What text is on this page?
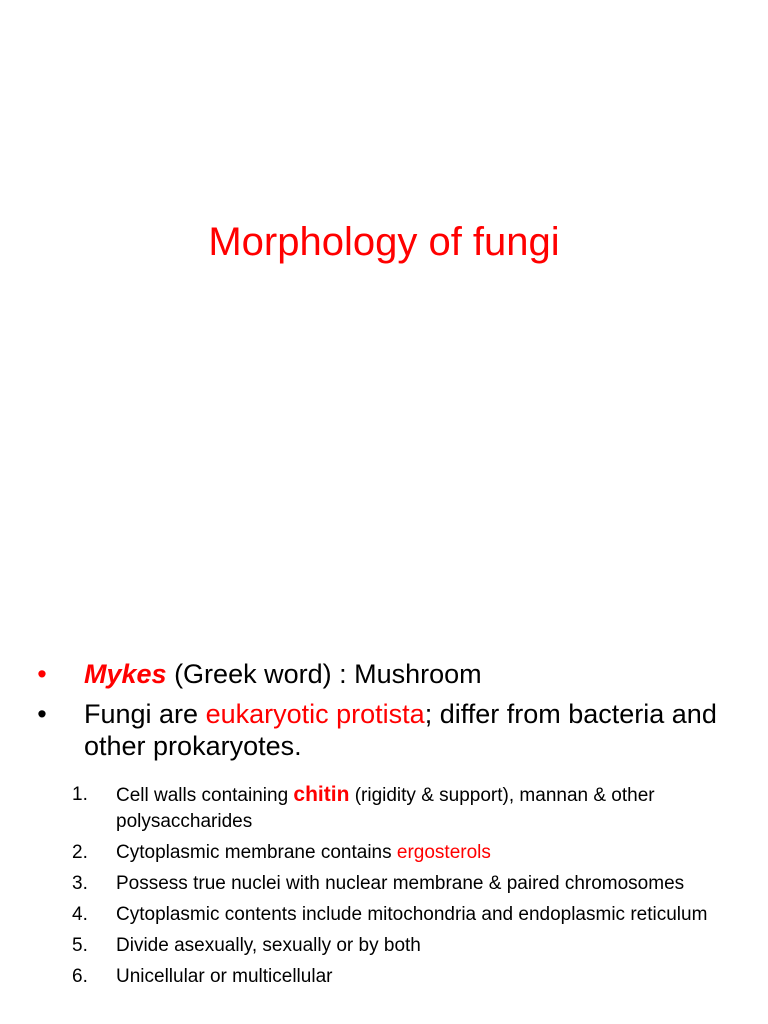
Morphology of fungi
• Mykes (Greek word) : Mushroom
• Fungi are eukaryotic protista; differ from bacteria and other prokaryotes.
1.	Cell walls containing chitin (rigidity & support), mannan & other polysaccharides
2.	Cytoplasmic membrane contains ergosterols
3.	Possess true nuclei with nuclear membrane & paired chromosomes
4.	Cytoplasmic contents include mitochondria and endoplasmic reticulum
5.	Divide asexually, sexually or by both
6.	Unicellular or multicellular
